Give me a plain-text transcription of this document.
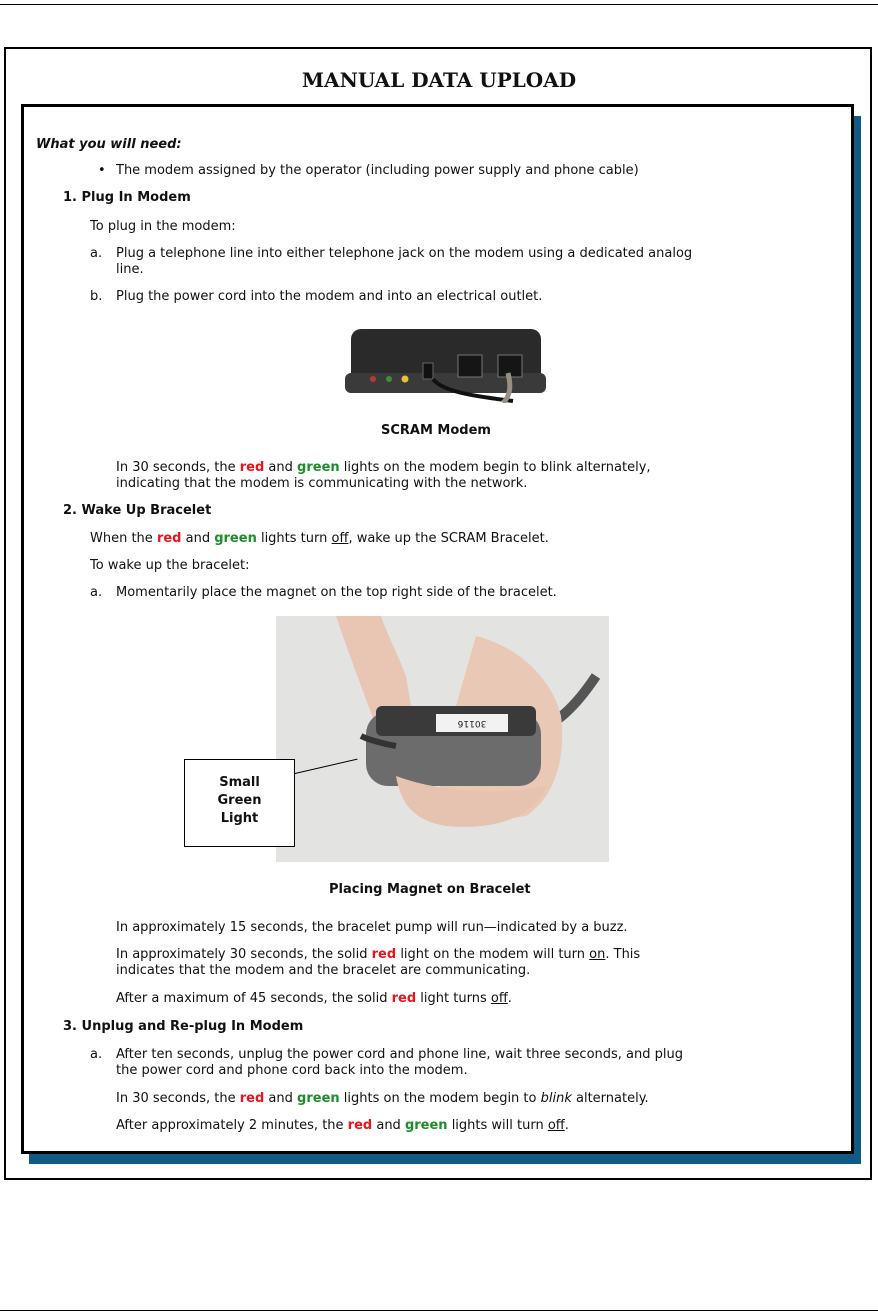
MANUAL DATA UPLOAD
What you will need:
• The modem assigned by the operator (including power supply and phone cable)
1. Plug In Modem
To plug in the modem:
a. Plug a telephone line into either telephone jack on the modem using a dedicated analog
line.
b. Plug the power cord into the modem and into an electrical outlet.
SCRAM Modem
In 30 seconds, the red and green lights on the modem begin to blink alternately,
indicating that the modem is communicating with the network.
2. Wake Up Bracelet
When the red and green lights turn off, wake up the SCRAM Bracelet.
To wake up the bracelet:
a. Momentarily place the magnet on the top right side of the bracelet.
30116
Small
Green
Light
Placing Magnet on Bracelet
In approximately 15 seconds, the bracelet pump will run—indicated by a buzz.
In approximately 30 seconds, the solid red light on the modem will turn on. This
indicates that the modem and the bracelet are communicating.
After a maximum of 45 seconds, the solid red light turns off.
3. Unplug and Re-plug In Modem
a. After ten seconds, unplug the power cord and phone line, wait three seconds, and plug
the power cord and phone cord back into the modem.
In 30 seconds, the red and green lights on the modem begin to blink alternately.
After approximately 2 minutes, the red and green lights will turn off.
